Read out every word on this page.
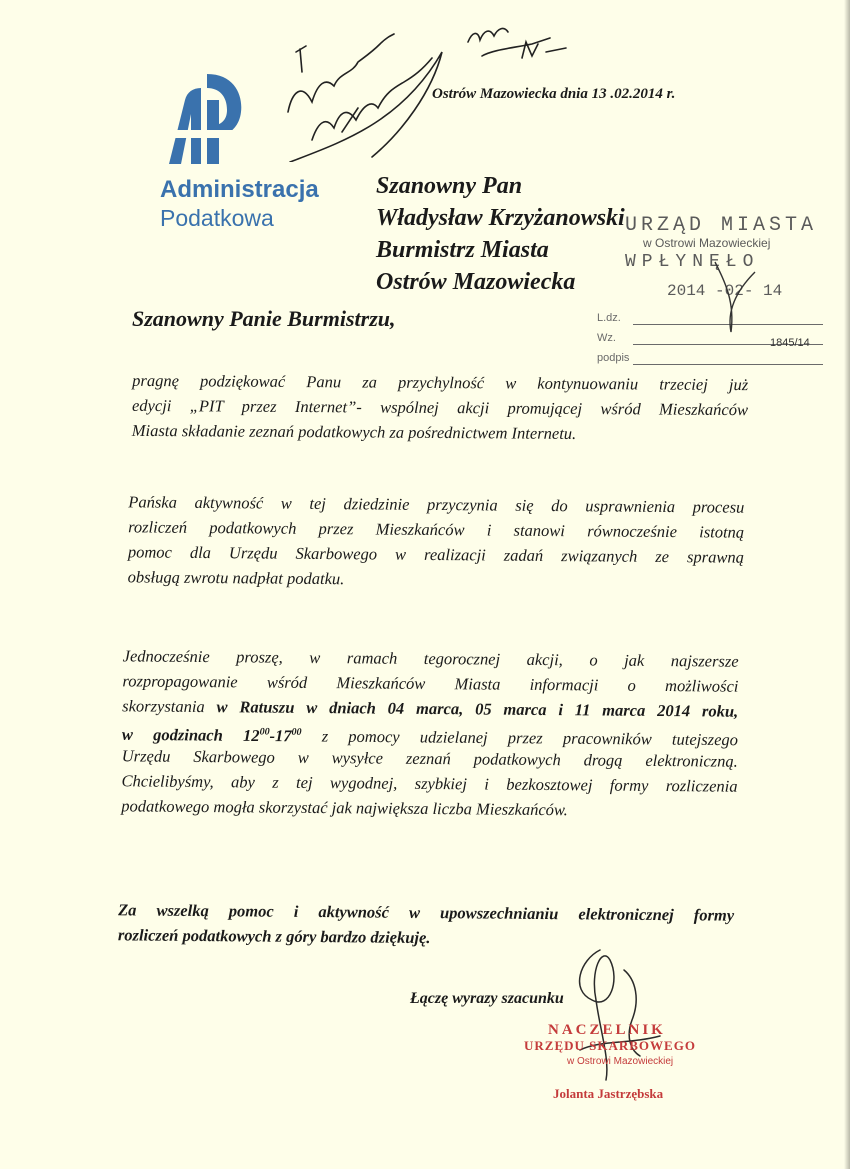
Administracja
Podatkowa
Ostrów Mazowiecka dnia 13 .02.2014 r.
Szanowny Pan
Władysław Krzyżanowski
Burmistrz Miasta
Ostrów Mazowiecka
URZĄD MIASTA
w Ostrowi Mazowieckiej
WPŁYNĘŁO
2014 -02- 14
L.dz.
Wz.
podpis
1845/14
Szanowny Panie Burmistrzu,
pragnę podziękować Panu za przychylność w kontynuowaniu trzeciej już
edycji „PIT przez Internet”- wspólnej akcji promującej wśród Mieszkańców
Miasta składanie zeznań podatkowych za pośrednictwem Internetu.
Pańska aktywność w tej dziedzinie przyczynia się do usprawnienia procesu
rozliczeń podatkowych przez Mieszkańców i stanowi równocześnie istotną
pomoc dla Urzędu Skarbowego w realizacji zadań związanych ze sprawną
obsługą zwrotu nadpłat podatku.
Jednocześnie proszę, w ramach tegorocznej akcji, o jak najszersze
rozpropagowanie wśród Mieszkańców Miasta informacji o możliwości
skorzystania w Ratuszu w dniach 04 marca, 05 marca i 11 marca 2014 roku,
w godzinach $12^{00}-17^{00}$ z pomocy udzielanej przez pracowników tutejszego
Urzędu Skarbowego w wysyłce zeznań podatkowych drogą elektroniczną.
Chcielibyśmy, aby z tej wygodnej, szybkiej i bezkosztowej formy rozliczenia
podatkowego mogła skorzystać jak największa liczba Mieszkańców.
Za wszelką pomoc i aktywność w upowszechnianiu elektronicznej formy
rozliczeń podatkowych z góry bardzo dziękuję.
Łączę wyrazy szacunku
NACZELNIK
URZĘDU SKARBOWEGO
w Ostrowi Mazowieckiej
Jolanta Jastrzębska
